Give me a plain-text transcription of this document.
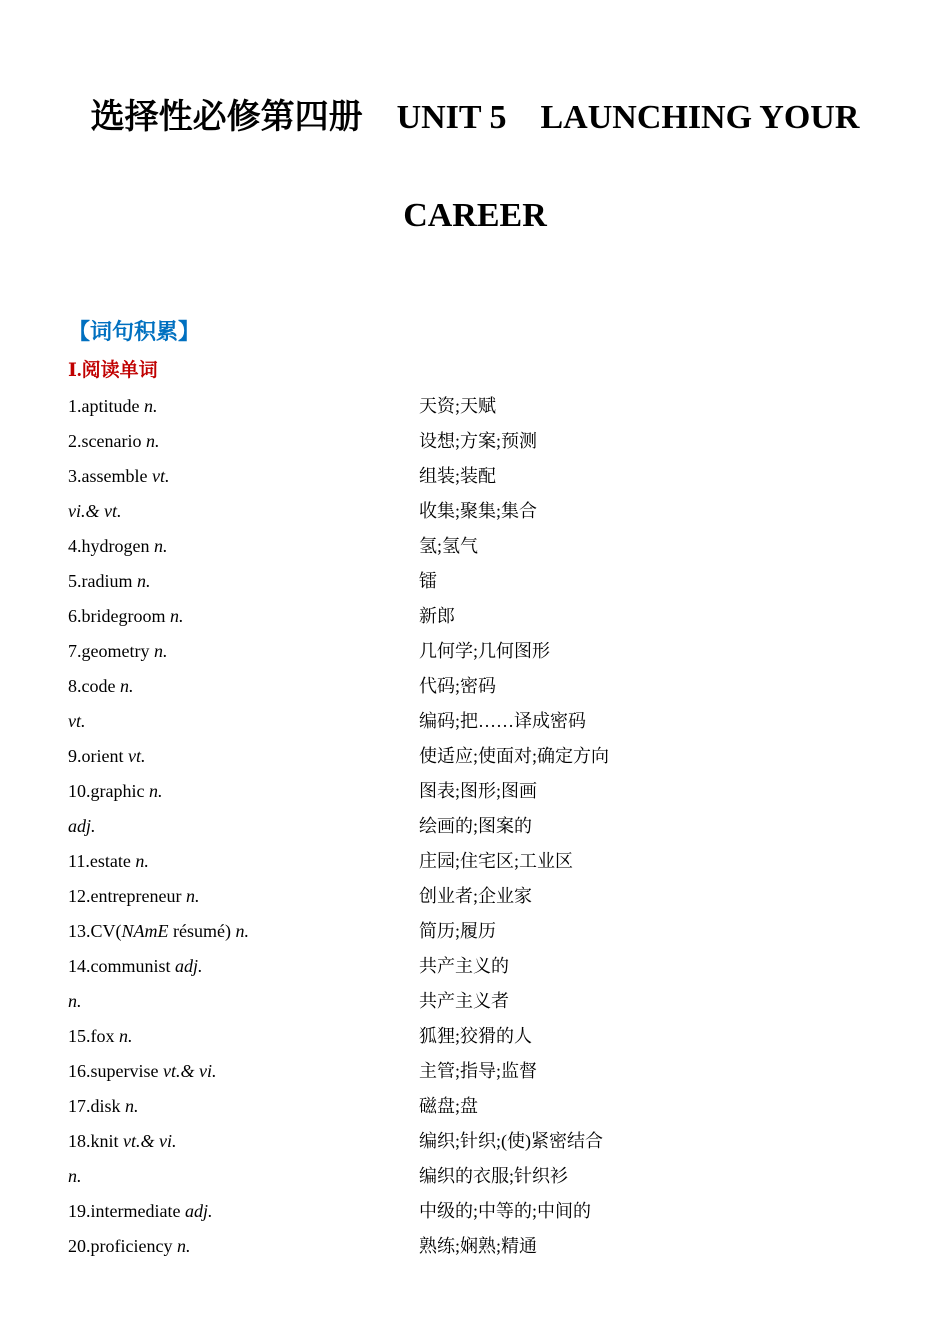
选择性必修第四册    UNIT 5    LAUNCHING YOUR
CAREER
【词句积累】
Ⅰ.阅读单词
1.aptitude n.	天资;天赋
2.scenario n.	设想;方案;预测
3.assemble vt.	组装;装配
vi.& vt.	收集;聚集;集合
4.hydrogen n.	氢;氢气
5.radium n.	镭
6.bridegroom n.	新郎
7.geometry n.	几何学;几何图形
8.code n.	代码;密码
vt.	编码;把……译成密码
9.orient vt.	使适应;使面对;确定方向
10.graphic n.	图表;图形;图画
adj.	绘画的;图案的
11.estate n.	庄园;住宅区;工业区
12.entrepreneur n.	创业者;企业家
13.CV(NAmE résumé) n.	简历;履历
14.communist adj.	共产主义的
n.	共产主义者
15.fox n.	狐狸;狡猾的人
16.supervise vt.& vi.	主管;指导;监督
17.disk n.	磁盘;盘
18.knit vt.& vi.	编织;针织;(使)紧密结合
n.	编织的衣服;针织衫
19.intermediate adj.	中级的;中等的;中间的
20.proficiency n.	熟练;娴熟;精通
